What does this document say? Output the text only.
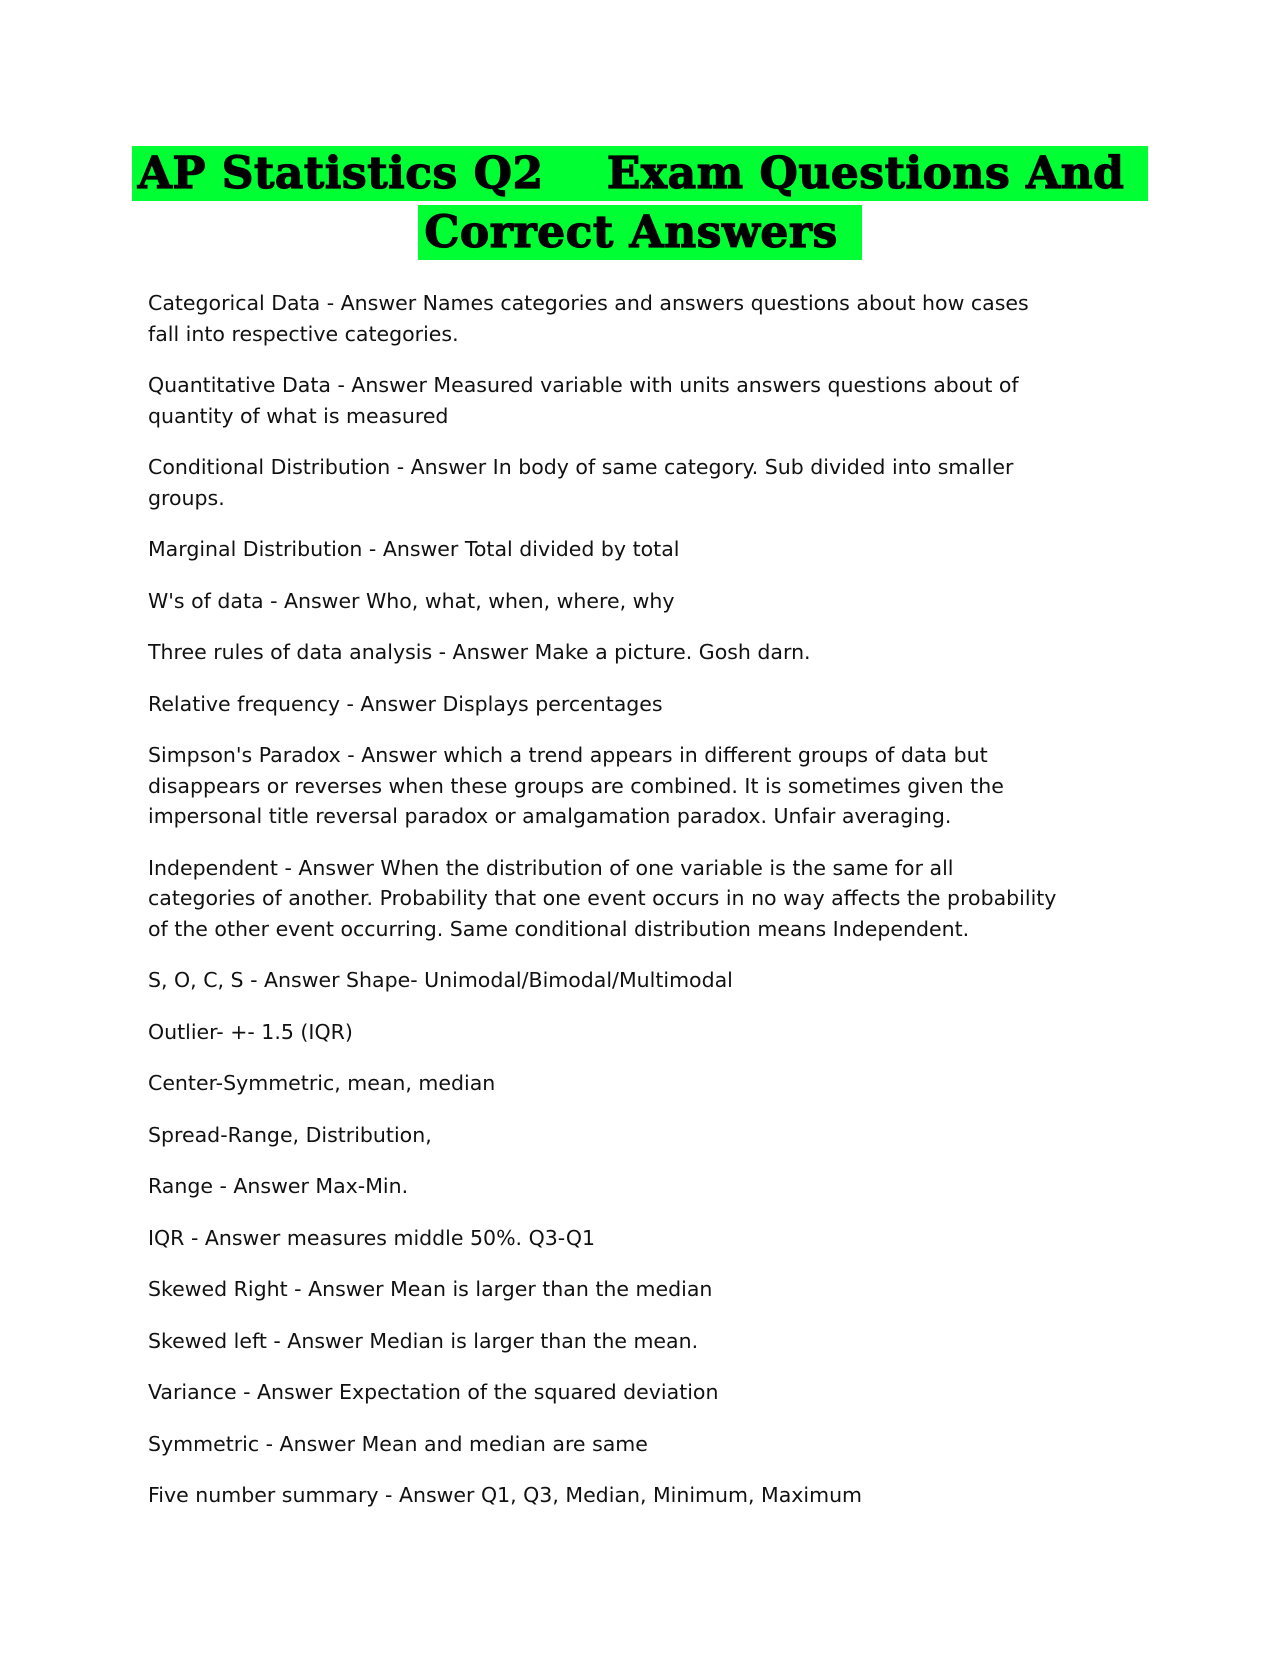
AP Statistics Q2    Exam Questions And
Correct Answers

Categorical Data - Answer Names categories and answers questions about how cases
fall into respective categories.

Quantitative Data - Answer Measured variable with units answers questions about of
quantity of what is measured

Conditional Distribution - Answer In body of same category. Sub divided into smaller
groups.

Marginal Distribution - Answer Total divided by total

W's of data - Answer Who, what, when, where, why

Three rules of data analysis - Answer Make a picture. Gosh darn.

Relative frequency - Answer Displays percentages

Simpson's Paradox - Answer which a trend appears in different groups of data but
disappears or reverses when these groups are combined. It is sometimes given the
impersonal title reversal paradox or amalgamation paradox. Unfair averaging.

Independent - Answer When the distribution of one variable is the same for all
categories of another. Probability that one event occurs in no way affects the probability
of the other event occurring. Same conditional distribution means Independent.

S, O, C, S - Answer Shape- Unimodal/Bimodal/Multimodal

Outlier- +- 1.5 (IQR)

Center-Symmetric, mean, median

Spread-Range, Distribution,

Range - Answer Max-Min.

IQR - Answer measures middle 50%. Q3-Q1

Skewed Right - Answer Mean is larger than the median

Skewed left - Answer Median is larger than the mean.

Variance - Answer Expectation of the squared deviation

Symmetric - Answer Mean and median are same

Five number summary - Answer Q1, Q3, Median, Minimum, Maximum
